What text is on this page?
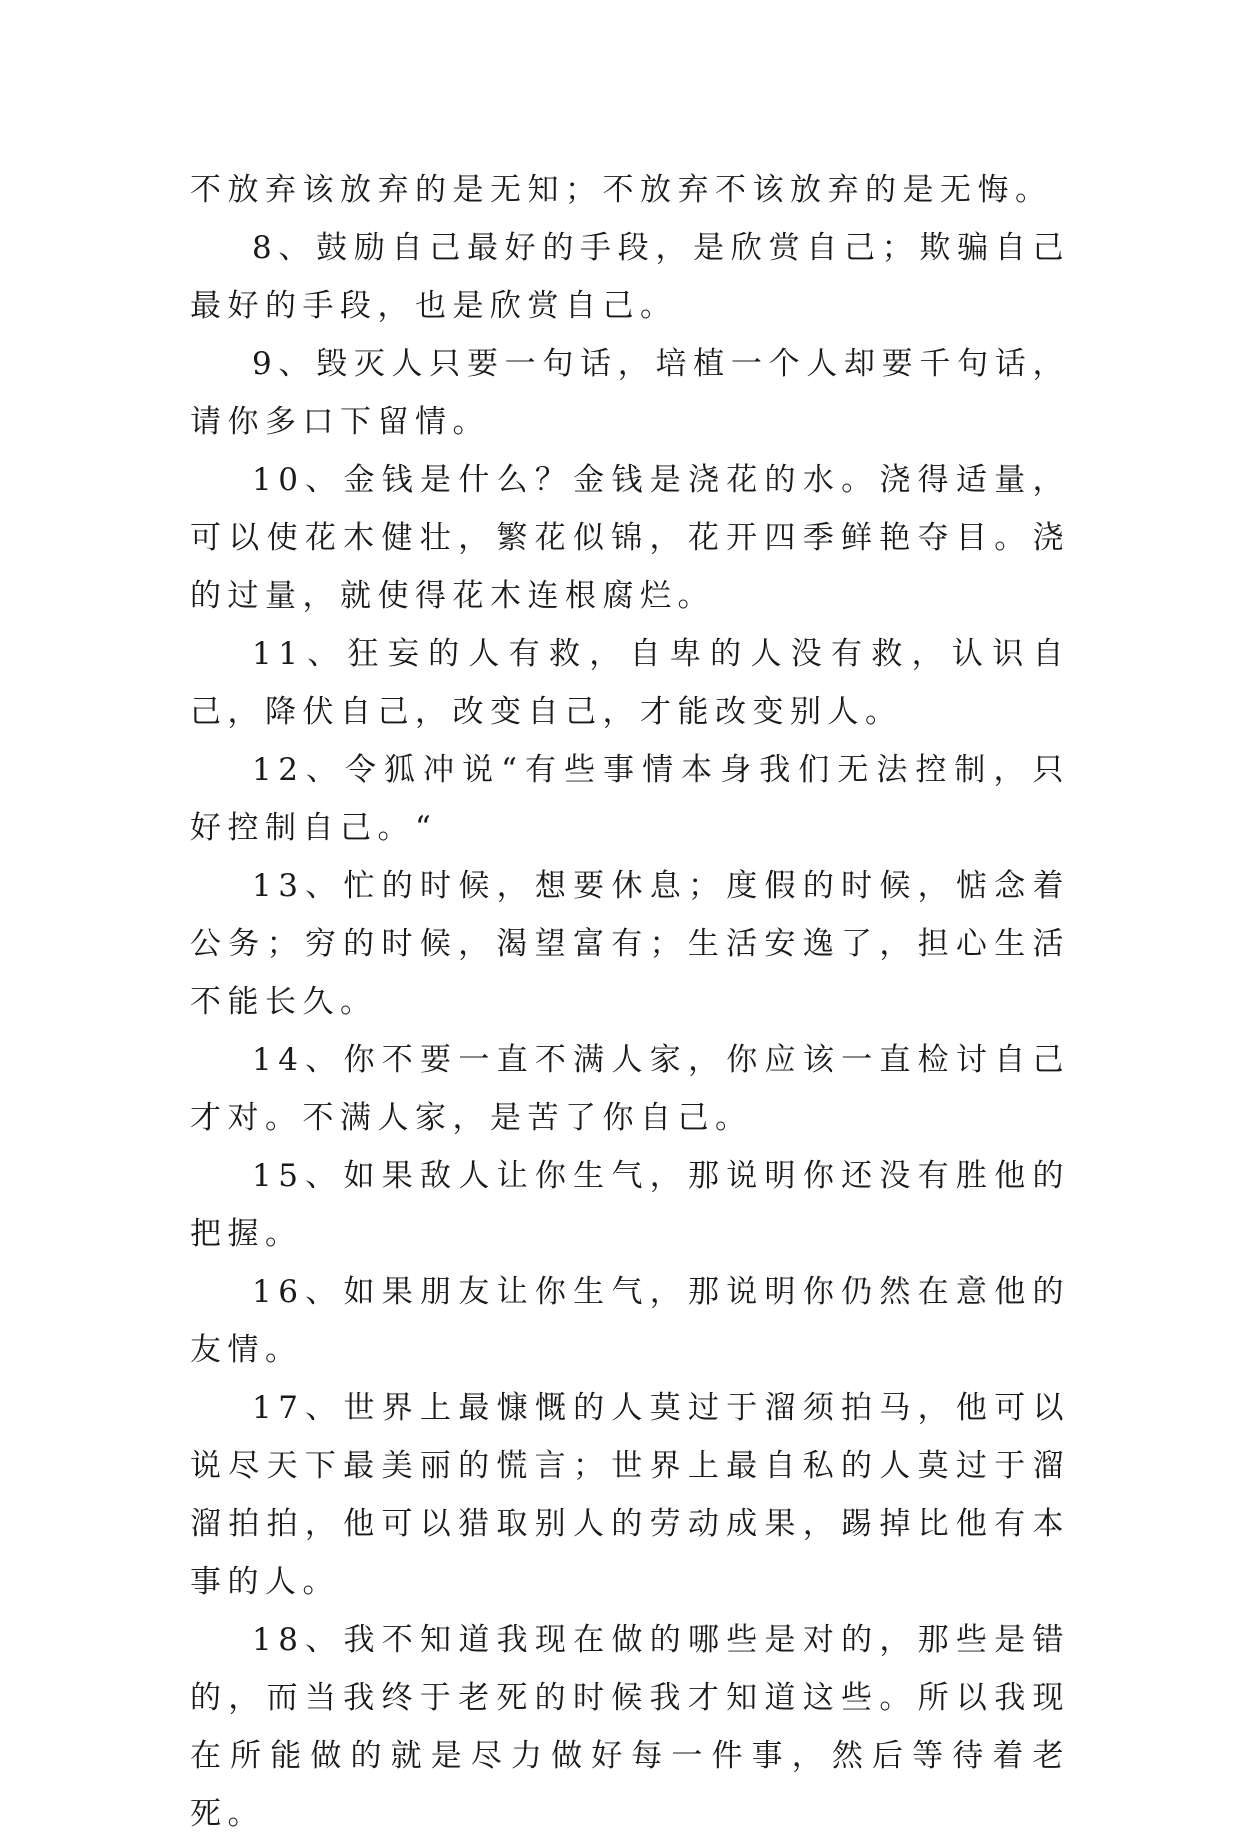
不放弃该放弃的是无知；不放弃不该放弃的是无悔。

8、鼓励自己最好的手段，是欣赏自己；欺骗自己最好的手段，也是欣赏自己。

9、毁灭人只要一句话，培植一个人却要千句话，请你多口下留情。

10、金钱是什么？金钱是浇花的水。浇得适量，可以使花木健壮，繁花似锦，花开四季鲜艳夺目。浇的过量，就使得花木连根腐烂。

11、狂妄的人有救，自卑的人没有救，认识自己，降伏自己，改变自己，才能改变别人。

12、令狐冲说“有些事情本身我们无法控制，只好控制自己。“

13、忙的时候，想要休息；度假的时候，惦念着公务；穷的时候，渴望富有；生活安逸了，担心生活不能长久。

14、你不要一直不满人家，你应该一直检讨自己才对。不满人家，是苦了你自己。

15、如果敌人让你生气，那说明你还没有胜他的把握。

16、如果朋友让你生气，那说明你仍然在意他的友情。

17、世界上最慷慨的人莫过于溜须拍马，他可以说尽天下最美丽的慌言；世界上最自私的人莫过于溜溜拍拍，他可以猎取别人的劳动成果，踢掉比他有本事的人。

18、我不知道我现在做的哪些是对的，那些是错的，而当我终于老死的时候我才知道这些。所以我现在所能做的就是尽力做好每一件事，然后等待着老死。
